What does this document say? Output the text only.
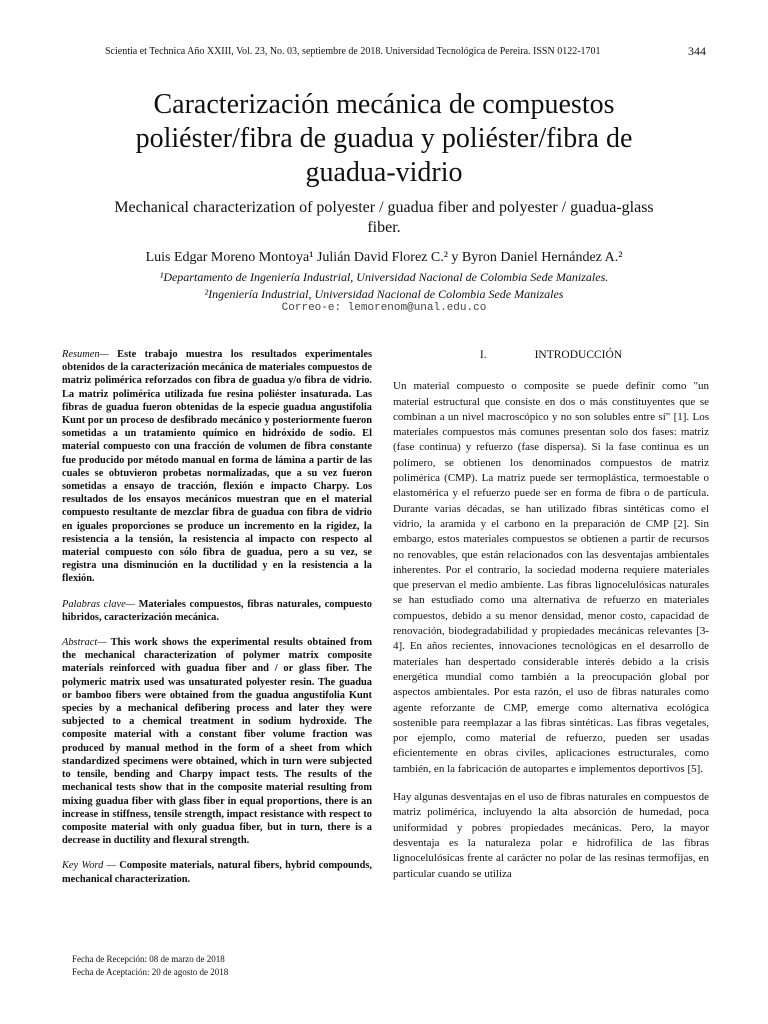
Scientia et Technica Año XXIII, Vol. 23, No. 03, septiembre de 2018. Universidad Tecnológica de Pereira. ISSN 0122-1701	344
Caracterización mecánica de compuestos poliéster/fibra de guadua y poliéster/fibra de guadua-vidrio
Mechanical characterization of polyester / guadua fiber and polyester / guadua-glass fiber.
Luis Edgar Moreno Montoya¹ Julián David Florez C.² y Byron Daniel Hernández A.²
¹Departamento de Ingeniería Industrial, Universidad Nacional de Colombia Sede Manizales.
²Ingeniería Industrial, Universidad Nacional de Colombia Sede Manizales
Correo-e: lemorenom@unal.edu.co

Resumen— Este trabajo muestra los resultados experimentales obtenidos de la caracterización mecánica de materiales compuestos de matriz polimérica reforzados con fibra de guadua y/o fibra de vidrio. La matriz polimérica utilizada fue resina poliéster insaturada. Las fibras de guadua fueron obtenidas de la especie guadua angustifolia Kunt por un proceso de desfibrado mecánico y posteriormente fueron sometidas a un tratamiento químico en hidróxido de sodio. El material compuesto con una fracción de volumen de fibra constante fue producido por método manual en forma de lámina a partir de las cuales se obtuvieron probetas normalizadas, que a su vez fueron sometidas a ensayo de tracción, flexión e impacto Charpy. Los resultados de los ensayos mecánicos muestran que en el material compuesto resultante de mezclar fibra de guadua con fibra de vidrio en iguales proporciones se produce un incremento en la rigidez, la resistencia a la tensión, la resistencia al impacto con respecto al material compuesto con sólo fibra de guadua, pero a su vez, se registra una disminución en la ductilidad y en la resistencia a la flexión.

Palabras clave— Materiales compuestos, fibras naturales, compuesto hibridos, caracterización mecánica.

Abstract— This work shows the experimental results obtained from the mechanical characterization of polymer matrix composite materials reinforced with guadua fiber and / or glass fiber. The polymeric matrix used was unsaturated polyester resin. The guadua or bamboo fibers were obtained from the guadua angustifolia Kunt species by a mechanical defibering process and later they were subjected to a chemical treatment in sodium hydroxide. The composite material with a constant fiber volume fraction was produced by manual method in the form of a sheet from which standardized specimens were obtained, which in turn were subjected to tensile, bending and Charpy impact tests. The results of the mechanical tests show that in the composite material resulting from mixing guadua fiber with glass fiber in equal proportions, there is an increase in stiffness, tensile strength, impact resistance with respect to composite material with only guadua fiber, but in turn, there is a decrease in ductility and flexural strength.

Key Word — Composite materials, natural fibers, hybrid compounds, mechanical characterization.

Fecha de Recepción: 08 de marzo de 2018
Fecha de Aceptación: 20 de agosto de 2018
I.	INTRODUCCIÓN

Un material compuesto o composite se puede definir como "un material estructural que consiste en dos o más constituyentes que se combinan a un nivel macroscópico y no son solubles entre sí" [1]. Los materiales compuestos más comunes presentan solo dos fases: matriz (fase continua) y refuerzo (fase dispersa). Si la fase continua es un polímero, se obtienen los denominados compuestos de matriz polimérica (CMP). La matriz puede ser termoplástica, termoestable o elastomérica y el refuerzo puede ser en forma de fibra o de partícula. Durante varias décadas, se han utilizado fibras sintéticas como el vidrio, la aramida y el carbono en la preparación de CMP [2]. Sin embargo, estos materiales compuestos se obtienen a partir de recursos no renovables, que están relacionados con las desventajas ambientales inherentes. Por el contrario, la sociedad moderna requiere materiales que preservan el medio ambiente. Las fibras lignocelulósicas naturales se han estudiado como una alternativa de refuerzo en materiales compuestos, debido a su menor densidad, menor costo, capacidad de renovación, biodegradabilidad y propiedades mecánicas relevantes [3-4]. En años recientes, innovaciones tecnológicas en el desarrollo de materiales han despertado considerable interés debido a la crisis energética mundial como también a la preocupación global por aspectos ambientales. Por esta razón, el uso de fibras naturales como agente reforzante de CMP, emerge como alternativa ecológica sostenible para reemplazar a las fibras sintéticas. Las fibras vegetales, por ejemplo, como material de refuerzo, pueden ser usadas eficientemente en obras civiles, aplicaciones estructurales, como también, en la fabricación de autopartes e implementos deportivos [5].

Hay algunas desventajas en el uso de fibras naturales en compuestos de matriz polimérica, incluyendo la alta absorción de humedad, poca uniformidad y pobres propiedades mecánicas. Pero, la mayor desventaja es la naturaleza polar e hidrofílica de las fibras lignocelulósicas frente al carácter no polar de las resinas termofijas, en particular cuando se utiliza
